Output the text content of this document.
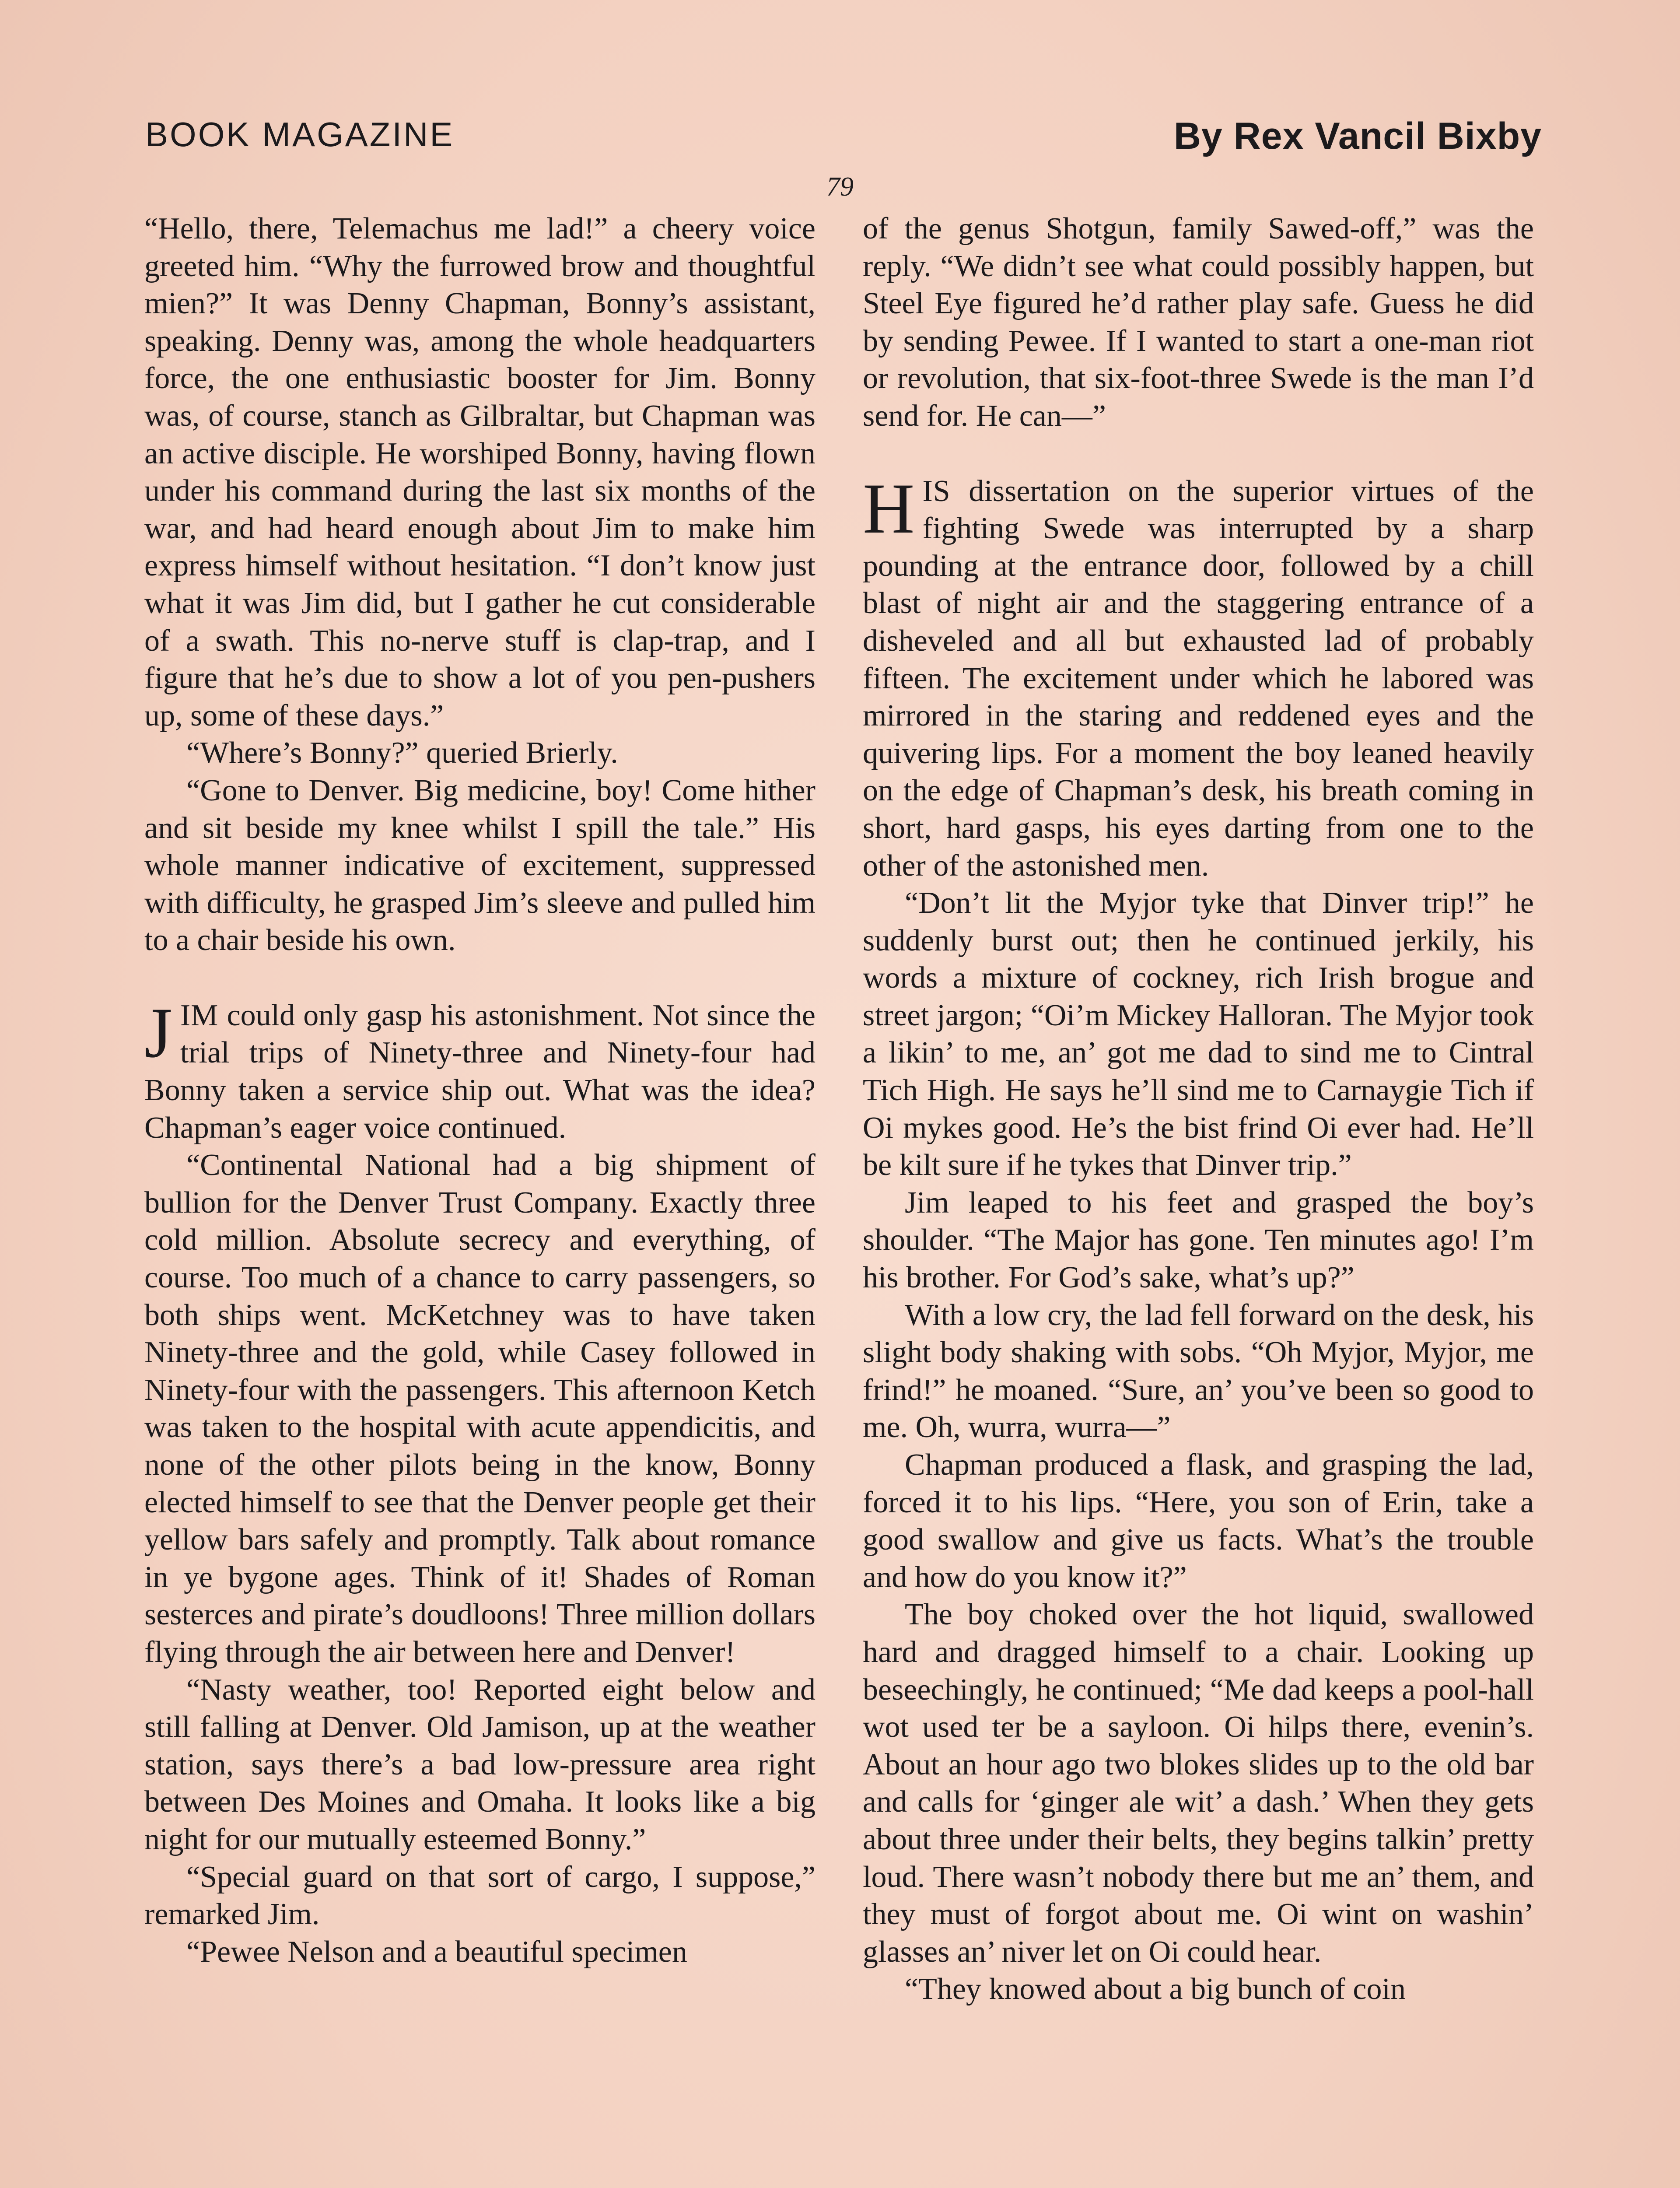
BOOK MAGAZINE	By Rex Vancil Bixby
79

“Hello, there, Telemachus me lad!” a cheery voice greeted him. “Why the furrowed brow and thoughtful mien?” It was Denny Chapman, Bonny’s assistant, speaking. Denny was, among the whole headquarters force, the one enthusiastic booster for Jim. Bonny was, of course, stanch as Gilbraltar, but Chapman was an active disciple. He worshiped Bonny, having flown under his command during the last six months of the war, and had heard enough about Jim to make him express himself without hesitation. “I don’t know just what it was Jim did, but I gather he cut considerable of a swath. This no-nerve stuff is clap-trap, and I figure that he’s due to show a lot of you pen-pushers up, some of these days.”

“Where’s Bonny?” queried Brierly.

“Gone to Denver. Big medicine, boy! Come hither and sit beside my knee whilst I spill the tale.” His whole manner indicative of excitement, suppressed with difficulty, he grasped Jim’s sleeve and pulled him to a chair beside his own.

JIM could only gasp his astonishment. Not since the trial trips of Ninety-three and Ninety-four had Bonny taken a service ship out. What was the idea? Chapman’s eager voice continued.

“Continental National had a big shipment of bullion for the Denver Trust Company. Exactly three cold million. Absolute secrecy and everything, of course. Too much of a chance to carry passengers, so both ships went. McKetchney was to have taken Ninety-three and the gold, while Casey followed in Ninety-four with the passengers. This afternoon Ketch was taken to the hospital with acute appendicitis, and none of the other pilots being in the know, Bonny elected himself to see that the Denver people get their yellow bars safely and promptly. Talk about romance in ye bygone ages. Think of it! Shades of Roman sesterces and pirate’s doudloons! Three million dollars flying through the air between here and Denver!

“Nasty weather, too! Reported eight below and still falling at Denver. Old Jamison, up at the weather station, says there’s a bad low-pressure area right between Des Moines and Omaha. It looks like a big night for our mutually esteemed Bonny.”

“Special guard on that sort of cargo, I suppose,” remarked Jim.

“Pewee Nelson and a beautiful specimen

of the genus Shotgun, family Sawed-off,” was the reply. “We didn’t see what could possibly happen, but Steel Eye figured he’d rather play safe. Guess he did by sending Pewee. If I wanted to start a one-man riot or revolution, that six-foot-three Swede is the man I’d send for. He can—”

HIS dissertation on the superior virtues of the fighting Swede was interrupted by a sharp pounding at the entrance door, followed by a chill blast of night air and the staggering entrance of a disheveled and all but exhausted lad of probably fifteen. The excitement under which he labored was mirrored in the staring and reddened eyes and the quivering lips. For a moment the boy leaned heavily on the edge of Chapman’s desk, his breath coming in short, hard gasps, his eyes darting from one to the other of the astonished men.

“Don’t lit the Myjor tyke that Dinver trip!” he suddenly burst out; then he continued jerkily, his words a mixture of cockney, rich Irish brogue and street jargon; “Oi’m Mickey Halloran. The Myjor took a likin’ to me, an’ got me dad to sind me to Cintral Tich High. He says he’ll sind me to Carnaygie Tich if Oi mykes good. He’s the bist frind Oi ever had. He’ll be kilt sure if he tykes that Dinver trip.”

Jim leaped to his feet and grasped the boy’s shoulder. “The Major has gone. Ten minutes ago! I’m his brother. For God’s sake, what’s up?”

With a low cry, the lad fell forward on the desk, his slight body shaking with sobs. “Oh Myjor, Myjor, me frind!” he moaned. “Sure, an’ you’ve been so good to me. Oh, wurra, wurra—”

Chapman produced a flask, and grasping the lad, forced it to his lips. “Here, you son of Erin, take a good swallow and give us facts. What’s the trouble and how do you know it?”

The boy choked over the hot liquid, swallowed hard and dragged himself to a chair. Looking up beseechingly, he continued; “Me dad keeps a pool-hall wot used ter be a sayloon. Oi hilps there, evenin’s. About an hour ago two blokes slides up to the old bar and calls for ‘ginger ale wit’ a dash.’ When they gets about three under their belts, they begins talkin’ pretty loud. There wasn’t nobody there but me an’ them, and they must of forgot about me. Oi wint on washin’ glasses an’ niver let on Oi could hear.

“They knowed about a big bunch of coin
